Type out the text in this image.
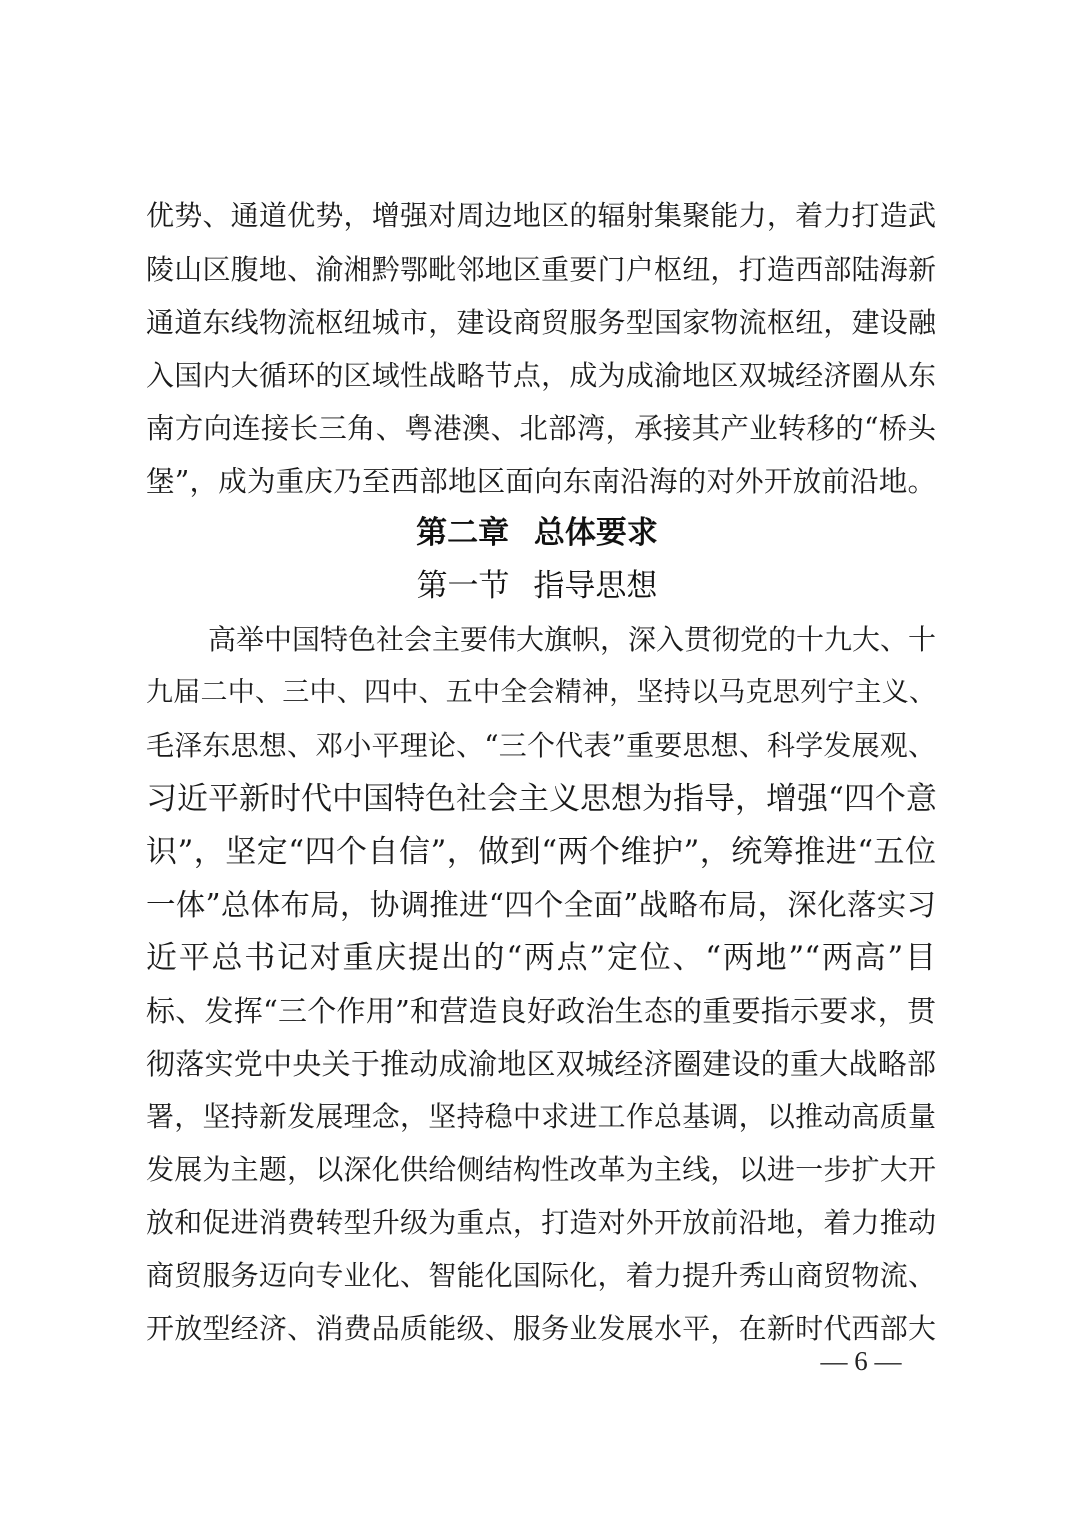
优势、通道优势，增强对周边地区的辐射集聚能力，着力打造武
陵山区腹地、渝湘黔鄂毗邻地区重要门户枢纽，打造西部陆海新
通道东线物流枢纽城市，建设商贸服务型国家物流枢纽，建设融
入国内大循环的区域性战略节点，成为成渝地区双城经济圈从东
南方向连接长三角、粤港澳、北部湾，承接其产业转移的“桥头
堡”，成为重庆乃至西部地区面向东南沿海的对外开放前沿地。
第二章 总体要求
第一节 指导思想
高举中国特色社会主要伟大旗帜，深入贯彻党的十九大、十
九届二中、三中、四中、五中全会精神，坚持以马克思列宁主义、
毛泽东思想、邓小平理论、“三个代表”重要思想、科学发展观、
习近平新时代中国特色社会主义思想为指导，增强“四个意
识”，坚定“四个自信”，做到“两个维护”，统筹推进“五位
一体”总体布局，协调推进“四个全面”战略布局，深化落实习
近平总书记对重庆提出的“两点”定位、“两地”“两高”目
标、发挥“三个作用”和营造良好政治生态的重要指示要求，贯
彻落实党中央关于推动成渝地区双城经济圈建设的重大战略部
署，坚持新发展理念，坚持稳中求进工作总基调，以推动高质量
发展为主题，以深化供给侧结构性改革为主线，以进一步扩大开
放和促进消费转型升级为重点，打造对外开放前沿地，着力推动
商贸服务迈向专业化、智能化国际化，着力提升秀山商贸物流、
开放型经济、消费品质能级、服务业发展水平，在新时代西部大
— 6 —
